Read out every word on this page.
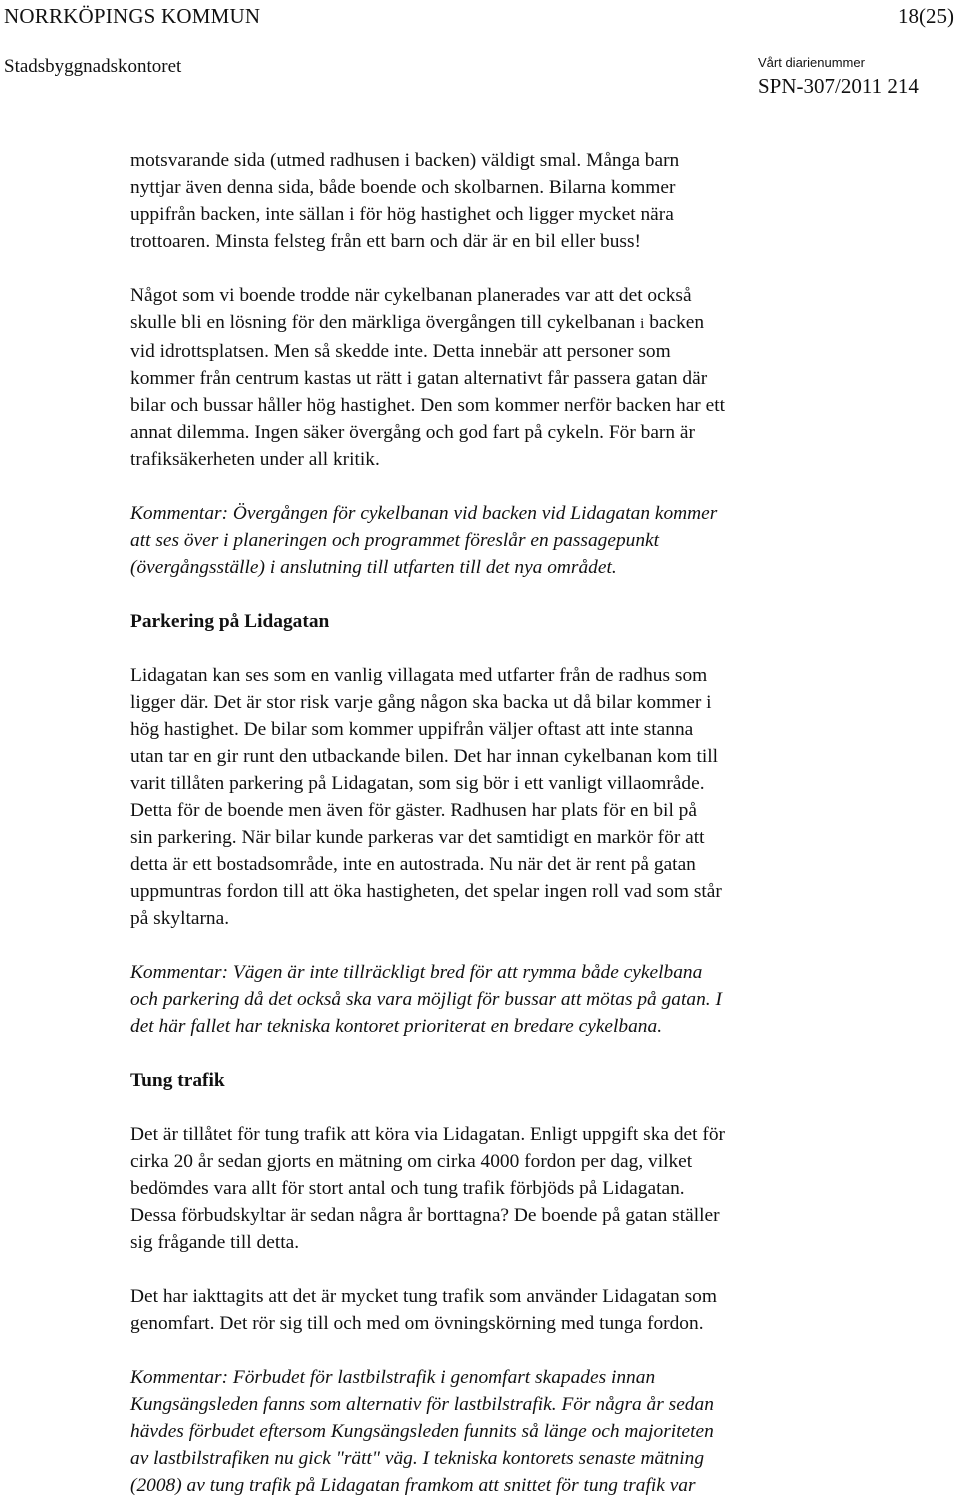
NORRKÖPINGS KOMMUN	18(25)
Stadsbyggnadskontoret	Vårt diarienummer
SPN-307/2011 214

motsvarande sida (utmed radhusen i backen) väldigt smal. Många barn
nyttjar även denna sida, både boende och skolbarnen. Bilarna kommer
uppifrån backen, inte sällan i för hög hastighet och ligger mycket nära
trottoaren. Minsta felsteg från ett barn och där är en bil eller buss!

Något som vi boende trodde när cykelbanan planerades var att det också
skulle bli en lösning för den märkliga övergången till cykelbanan i backen
vid idrottsplatsen. Men så skedde inte. Detta innebär att personer som
kommer från centrum kastas ut rätt i gatan alternativt får passera gatan där
bilar och bussar håller hög hastighet. Den som kommer nerför backen har ett
annat dilemma. Ingen säker övergång och god fart på cykeln. För barn är
trafiksäkerheten under all kritik.

Kommentar: Övergången för cykelbanan vid backen vid Lidagatan kommer
att ses över i planeringen och programmet föreslår en passagepunkt
(övergångsställe) i anslutning till utfarten till det nya området.

Parkering på Lidagatan

Lidagatan kan ses som en vanlig villagata med utfarter från de radhus som
ligger där. Det är stor risk varje gång någon ska backa ut då bilar kommer i
hög hastighet. De bilar som kommer uppifrån väljer oftast att inte stanna
utan tar en gir runt den utbackande bilen. Det har innan cykelbanan kom till
varit tillåten parkering på Lidagatan, som sig bör i ett vanligt villaområde.
Detta för de boende men även för gäster. Radhusen har plats för en bil på
sin parkering. När bilar kunde parkeras var det samtidigt en markör för att
detta är ett bostadsområde, inte en autostrada. Nu när det är rent på gatan
uppmuntras fordon till att öka hastigheten, det spelar ingen roll vad som står
på skyltarna.

Kommentar: Vägen är inte tillräckligt bred för att rymma både cykelbana
och parkering då det också ska vara möjligt för bussar att mötas på gatan. I
det här fallet har tekniska kontoret prioriterat en bredare cykelbana.

Tung trafik

Det är tillåtet för tung trafik att köra via Lidagatan. Enligt uppgift ska det för
cirka 20 år sedan gjorts en mätning om cirka 4000 fordon per dag, vilket
bedömdes vara allt för stort antal och tung trafik förbjöds på Lidagatan.
Dessa förbudskyltar är sedan några år borttagna? De boende på gatan ställer
sig frågande till detta.

Det har iakttagits att det är mycket tung trafik som använder Lidagatan som
genomfart. Det rör sig till och med om övningskörning med tunga fordon.

Kommentar: Förbudet för lastbilstrafik i genomfart skapades innan
Kungsängsleden fanns som alternativ för lastbilstrafik. För några år sedan
hävdes förbudet eftersom Kungsängsleden funnits så länge och majoriteten
av lastbilstrafiken nu gick "rätt" väg. I tekniska kontorets senaste mätning
(2008) av tung trafik på Lidagatan framkom att snittet för tung trafik var
